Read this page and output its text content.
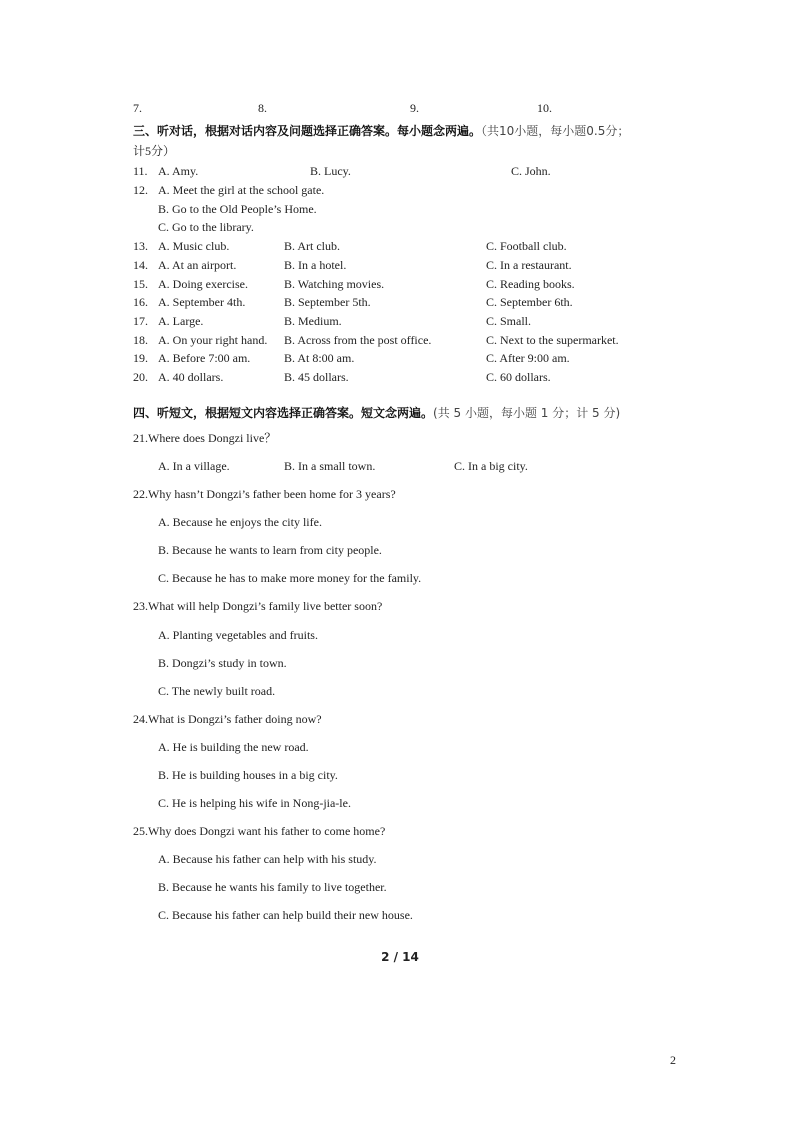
7.	8.	9.	10.
三、听对话，根据对话内容及问题选择正确答案。每小题念两遍。（共10小题，每小题0.5分；
计5分）
11. A. Amy.	B. Lucy.	C. John.
12. A. Meet the girl at the school gate.
B. Go to the Old People’s Home.
C. Go to the library.
13. A. Music club.	B. Art club.	C. Football club.
14. A. At an airport.	B. In a hotel.	C. In a restaurant.
15. A. Doing exercise.	B. Watching movies.	C. Reading books.
16. A. September 4th.	B. September 5th.	C. September 6th.
17. A. Large.	B. Medium.	C. Small.
18. A. On your right hand. B. Across from the post office.	C. Next to the supermarket.
19. A. Before 7:00 am.	B. At 8:00 am.	C. After 9:00 am.
20. A. 40 dollars.	B. 45 dollars.	C. 60 dollars.
四、听短文，根据短文内容选择正确答案。短文念两遍。(共 5 小题，每小题 1 分；计 5 分)
21.Where does Dongzi live？
A. In a village.	B. In a small town.	C. In a big city.
22.Why hasn’t Dongzi’s father been home for 3 years?
A. Because he enjoys the city life.
B. Because he wants to learn from city people.
C. Because he has to make more money for the family.
23.What will help Dongzi’s family live better soon?
A. Planting vegetables and fruits.
B. Dongzi’s study in town.
C. The newly built road.
24.What is Dongzi’s father doing now?
A. He is building the new road.
B. He is building houses in a big city.
C. He is helping his wife in Nong-jia-le.
25.Why does Dongzi want his father to come home?
A. Because his father can help with his study.
B. Because he wants his family to live together.
C. Because his father can help build their new house.
2 / 14
2
